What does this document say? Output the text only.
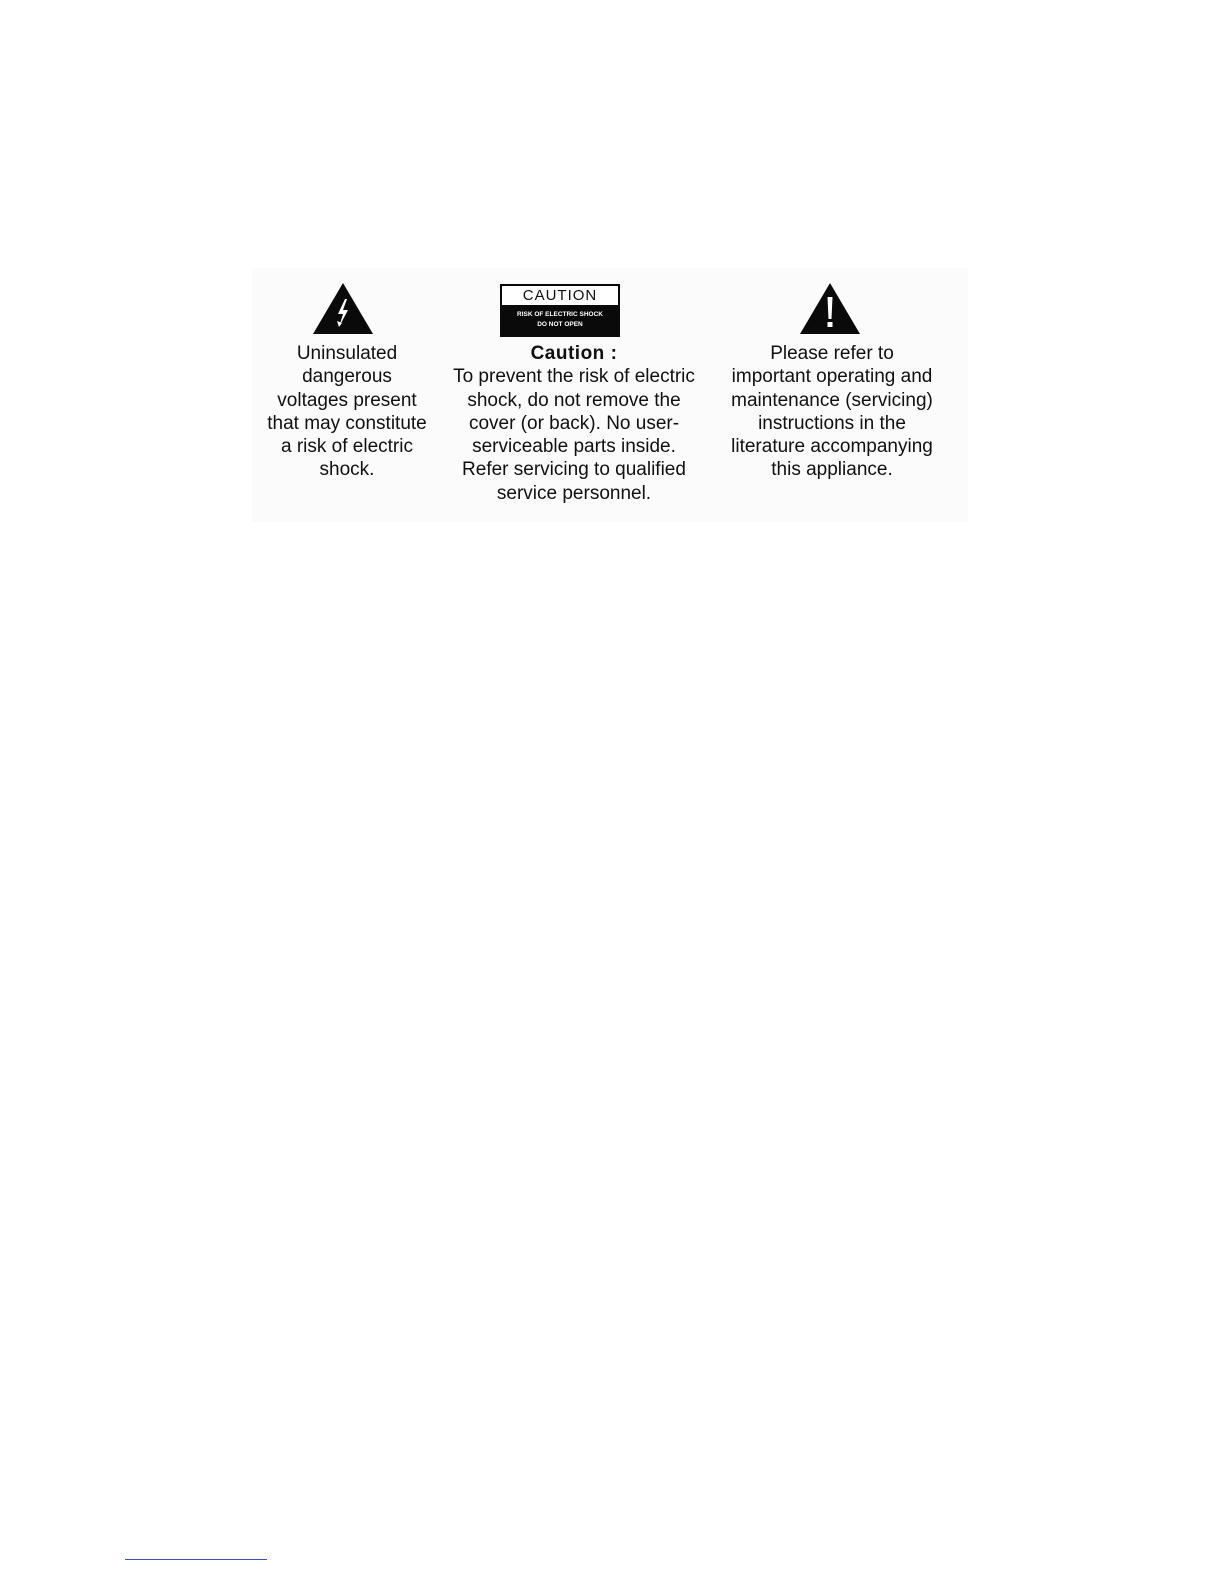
CAUTION

RISK OF ELECTRIC SHOCK

DO NOT OPEN

Uninsulated

dangerous

voltages present

that may constitute

a risk of electric

shock.

Caution :

To prevent the risk of electric

shock, do not remove the

cover (or back). No user-

serviceable parts inside.

Refer servicing to qualified

service personnel.

Please refer to

important operating and

maintenance (servicing)

instructions in the

literature accompanying

this appliance.
